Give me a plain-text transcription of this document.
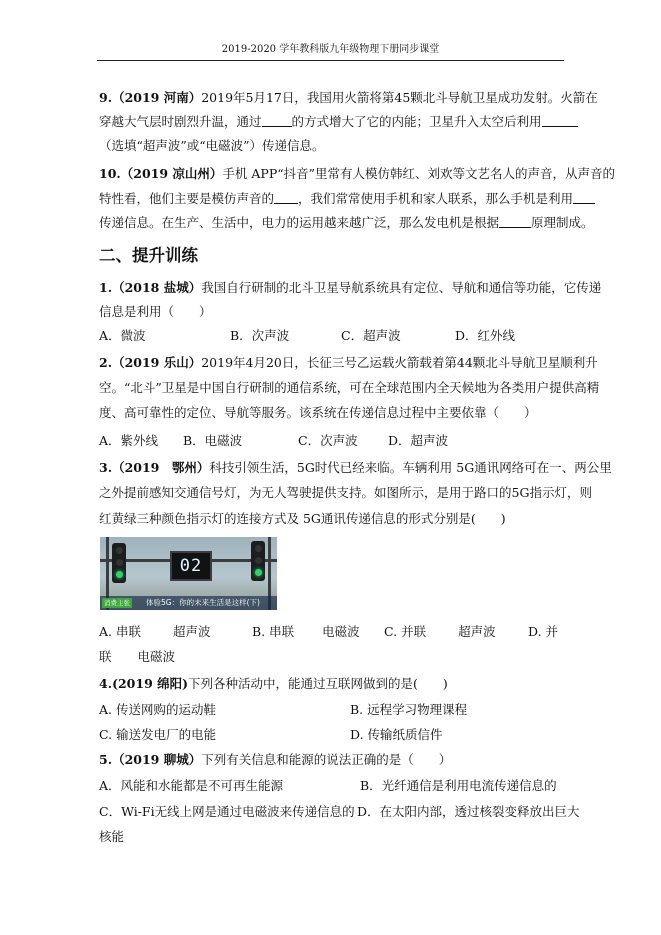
2019-2020 学年教科版九年级物理下册同步课堂
9.（2019 河南）2019年5月17日，我国用火箭将第45颗北斗导航卫星成功发射。火箭在
穿越大气层时剧烈升温，通过 的方式增大了它的内能；卫星升入太空后利用
（选填“超声波”或“电磁波”）传递信息。
10.（2019 凉山州）手机 APP“抖音”里常有人模仿韩红、刘欢等文艺名人的声音，从声音的
特性看，他们主要是模仿声音的 ，我们常常使用手机和家人联系，那么手机是利用
传递信息。在生产、生活中，电力的运用越来越广泛，那么发电机是根据	原理制成。
二、提升训练
1.（2018 盐城）我国自行研制的北斗卫星导航系统具有定位、导航和通信等功能，它传递
信息是利用（　　）
A．微波	B．次声波	C．超声波	D．红外线
2.（2019 乐山）2019年4月20日，长征三号乙运载火箭载着第44颗北斗导航卫星顺利升
空。“北斗”卫星是中国自行研制的通信系统，可在全球范围内全天候地为各类用户提供高精
度、高可靠性的定位、导航等服务。该系统在传递信息过程中主要依靠（　　）
A．紫外线 B．电磁波	C．次声波 D．超声波
3.（2019　鄂州）科技引领生活，5G时代已经来临。车辆利用 5G通讯网络可在一、两公里
之外提前感知交通信号灯，为无人驾驶提供支持。如图所示，是用于路口的5G指示灯，则
红黄绿三种颜色指示灯的连接方式及 5G通讯传递信息的形式分别是(　　)
02
消费主张 体验5G：你的未来生活是这样(下)
A. 串联	超声波	B. 串联 电磁波 C. 并联	超声波	D. 并
联 电磁波
4.(2019 绵阳)下列各种活动中，能通过互联网做到的是(　　)
A. 传送网购的运动鞋	B. 远程学习物理课程
C. 输送发电厂的电能	D. 传输纸质信件
5.（2019 聊城）下列有关信息和能源的说法正确的是（　　）
A．风能和水能都是不可再生能源	B．光纤通信是利用电流传递信息的
C．Wi-Fi无线上网是通过电磁波来传递信息的 D．在太阳内部，透过核裂变释放出巨大
核能
